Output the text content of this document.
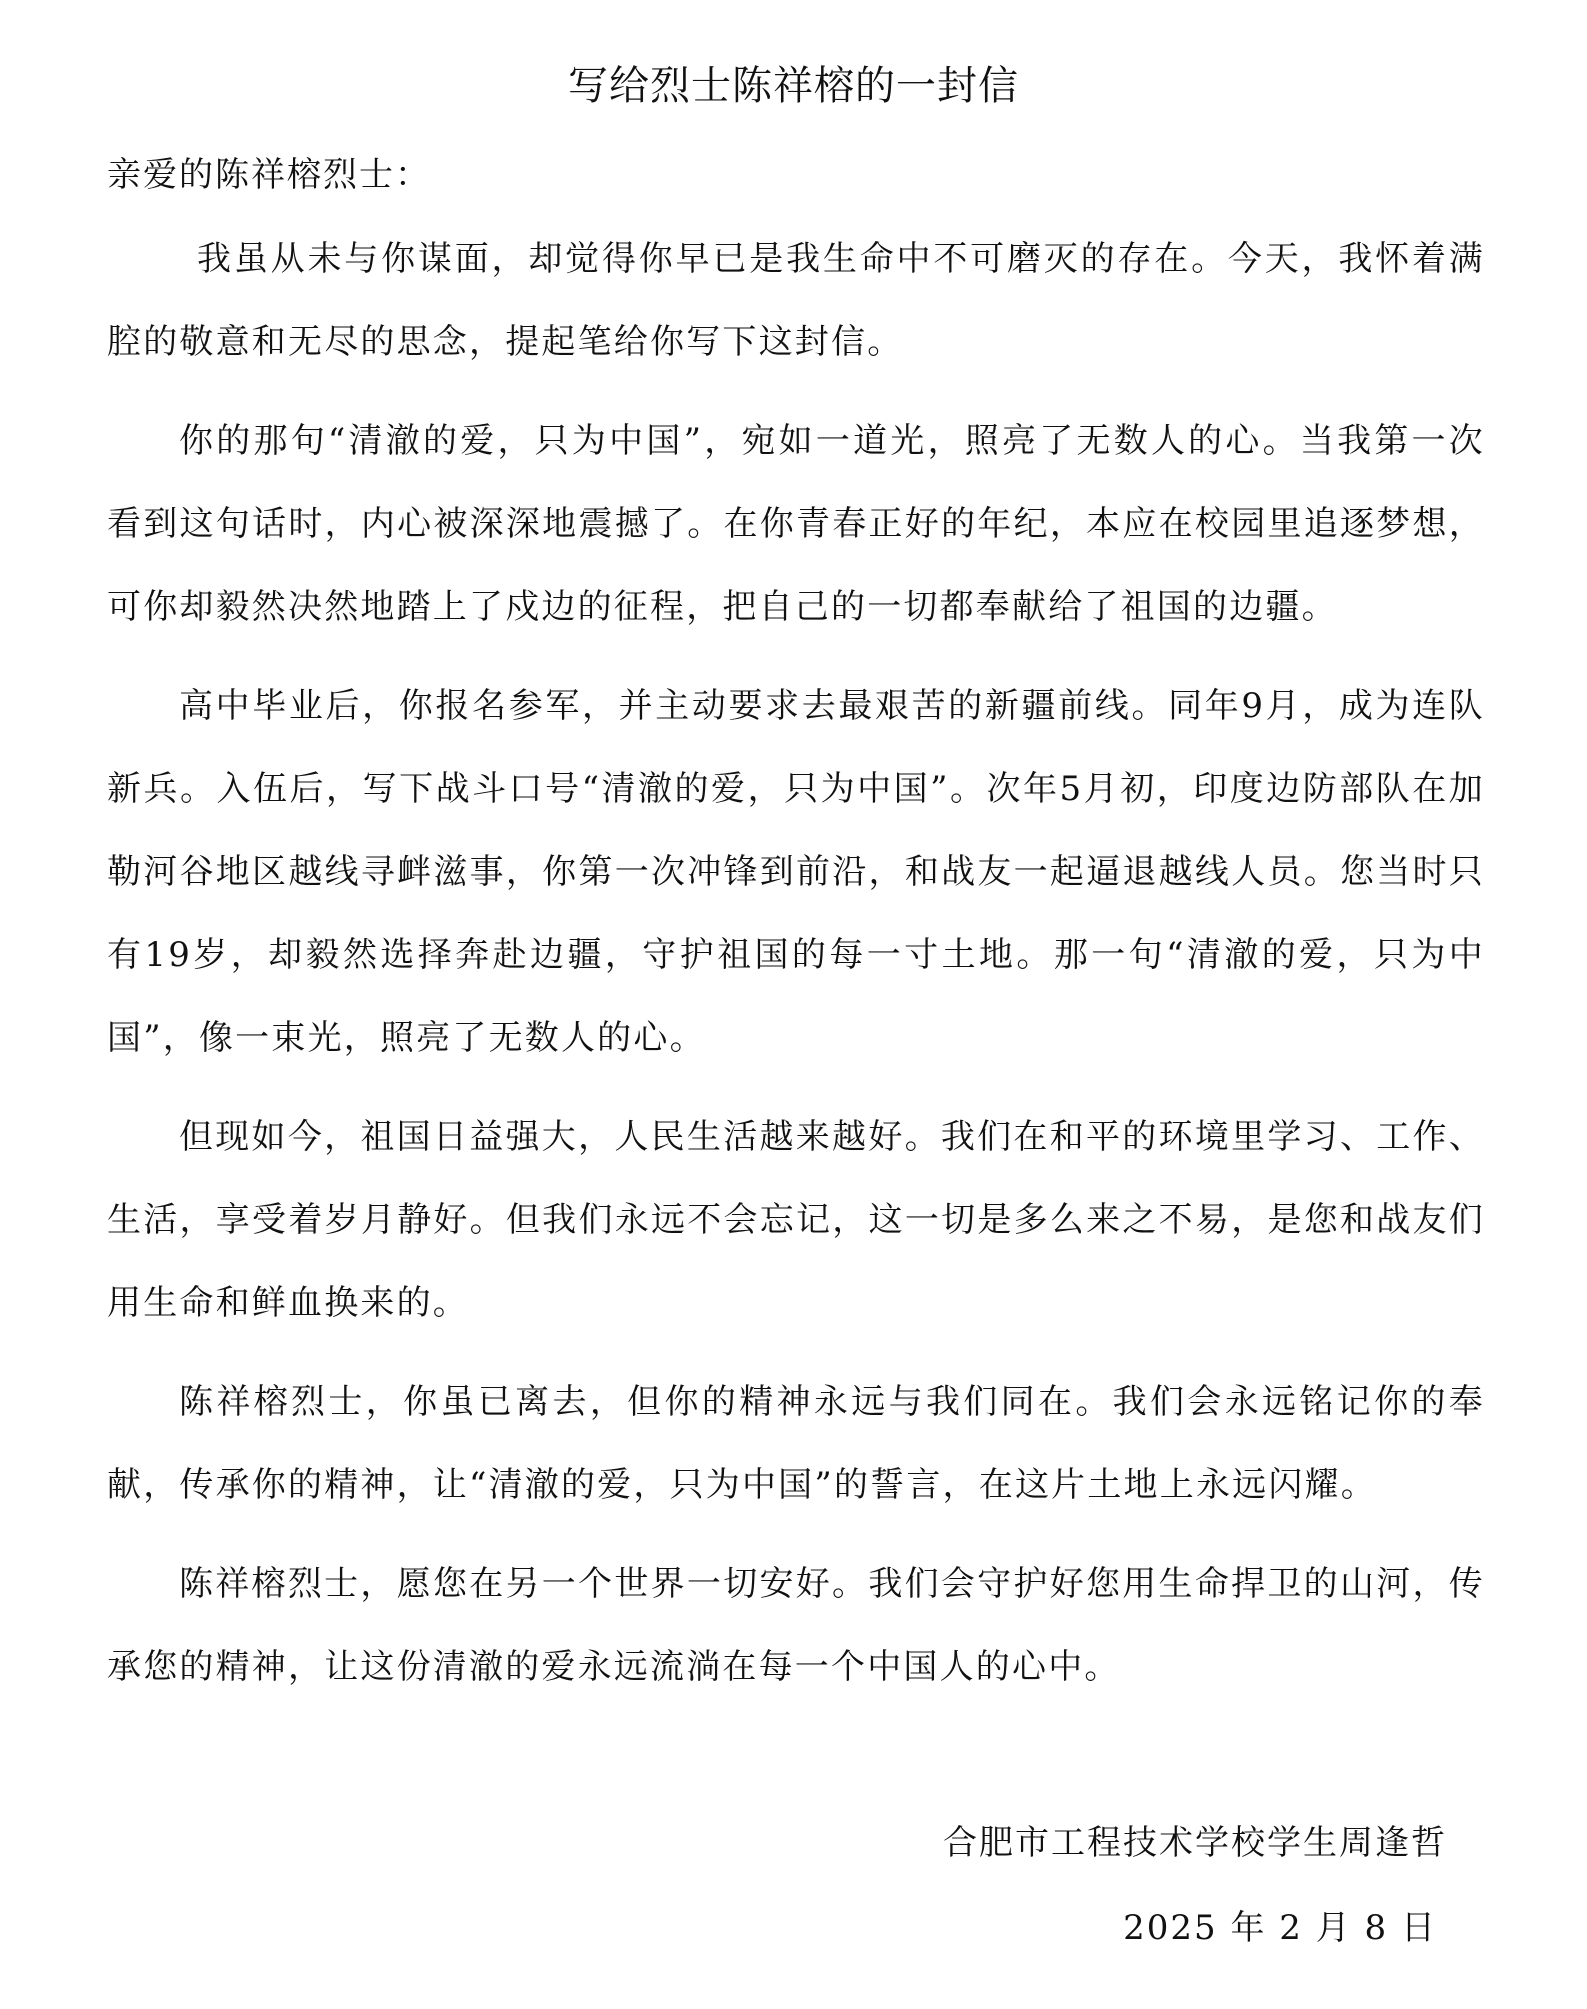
写给烈士陈祥榕的一封信
亲爱的陈祥榕烈士：

我虽从未与你谋面，却觉得你早已是我生命中不可磨灭的存在。今天，我怀着满腔的敬意和无尽的思念，提起笔给你写下这封信。

你的那句“清澈的爱，只为中国”，宛如一道光，照亮了无数人的心。当我第一次看到这句话时，内心被深深地震撼了。在你青春正好的年纪，本应在校园里追逐梦想，可你却毅然决然地踏上了戍边的征程，把自己的一切都奉献给了祖国的边疆。

高中毕业后，你报名参军，并主动要求去最艰苦的新疆前线。同年9月，成为连队新兵。入伍后，写下战斗口号“清澈的爱，只为中国”。次年5月初，印度边防部队在加勒河谷地区越线寻衅滋事，你第一次冲锋到前沿，和战友一起逼退越线人员。您当时只有19岁，却毅然选择奔赴边疆，守护祖国的每一寸土地。那一句“清澈的爱，只为中国”，像一束光，照亮了无数人的心。

但现如今，祖国日益强大，人民生活越来越好。我们在和平的环境里学习、工作、生活，享受着岁月静好。但我们永远不会忘记，这一切是多么来之不易，是您和战友们用生命和鲜血换来的。

陈祥榕烈士，你虽已离去，但你的精神永远与我们同在。我们会永远铭记你的奉献，传承你的精神，让“清澈的爱，只为中国”的誓言，在这片土地上永远闪耀。

陈祥榕烈士，愿您在另一个世界一切安好。我们会守护好您用生命捍卫的山河，传承您的精神，让这份清澈的爱永远流淌在每一个中国人的心中。

合肥市工程技术学校学生周逢哲
2025 年 2 月 8 日
